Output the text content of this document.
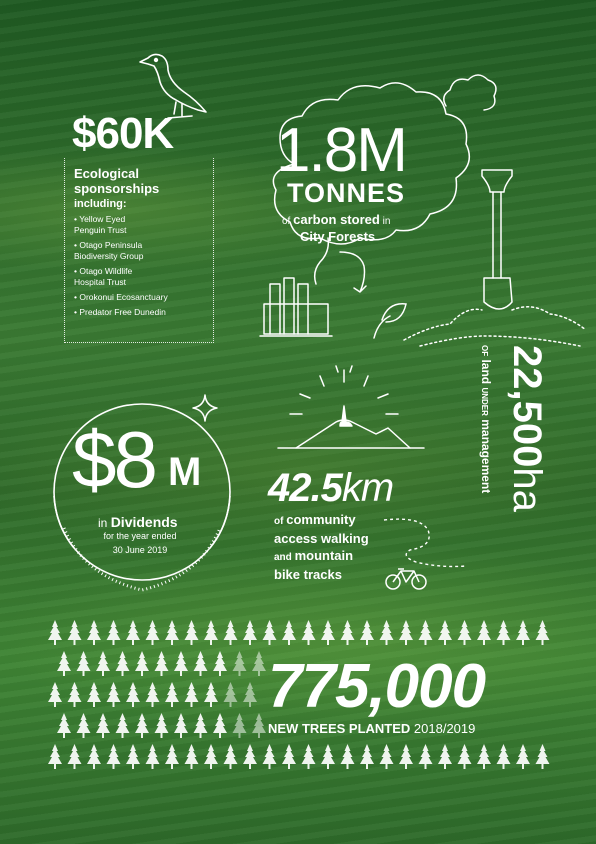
$60K
Ecological
sponsorships
including:
• Yellow Eyed
Penguin Trust
• Otago Peninsula
Biodiversity Group
• Otago Wildlife
Hospital Trust
• Orokonui Ecosanctuary
• Predator Free Dunedin
1.8M
TONNES
of carbon stored in
City Forests
22,500ha
OF land UNDER management
$8 M
in Dividends
for the year ended
30 June 2019
42.5km
of community
access walking
and mountain
bike tracks
775,000
NEW TREES PLANTED 2018/2019
